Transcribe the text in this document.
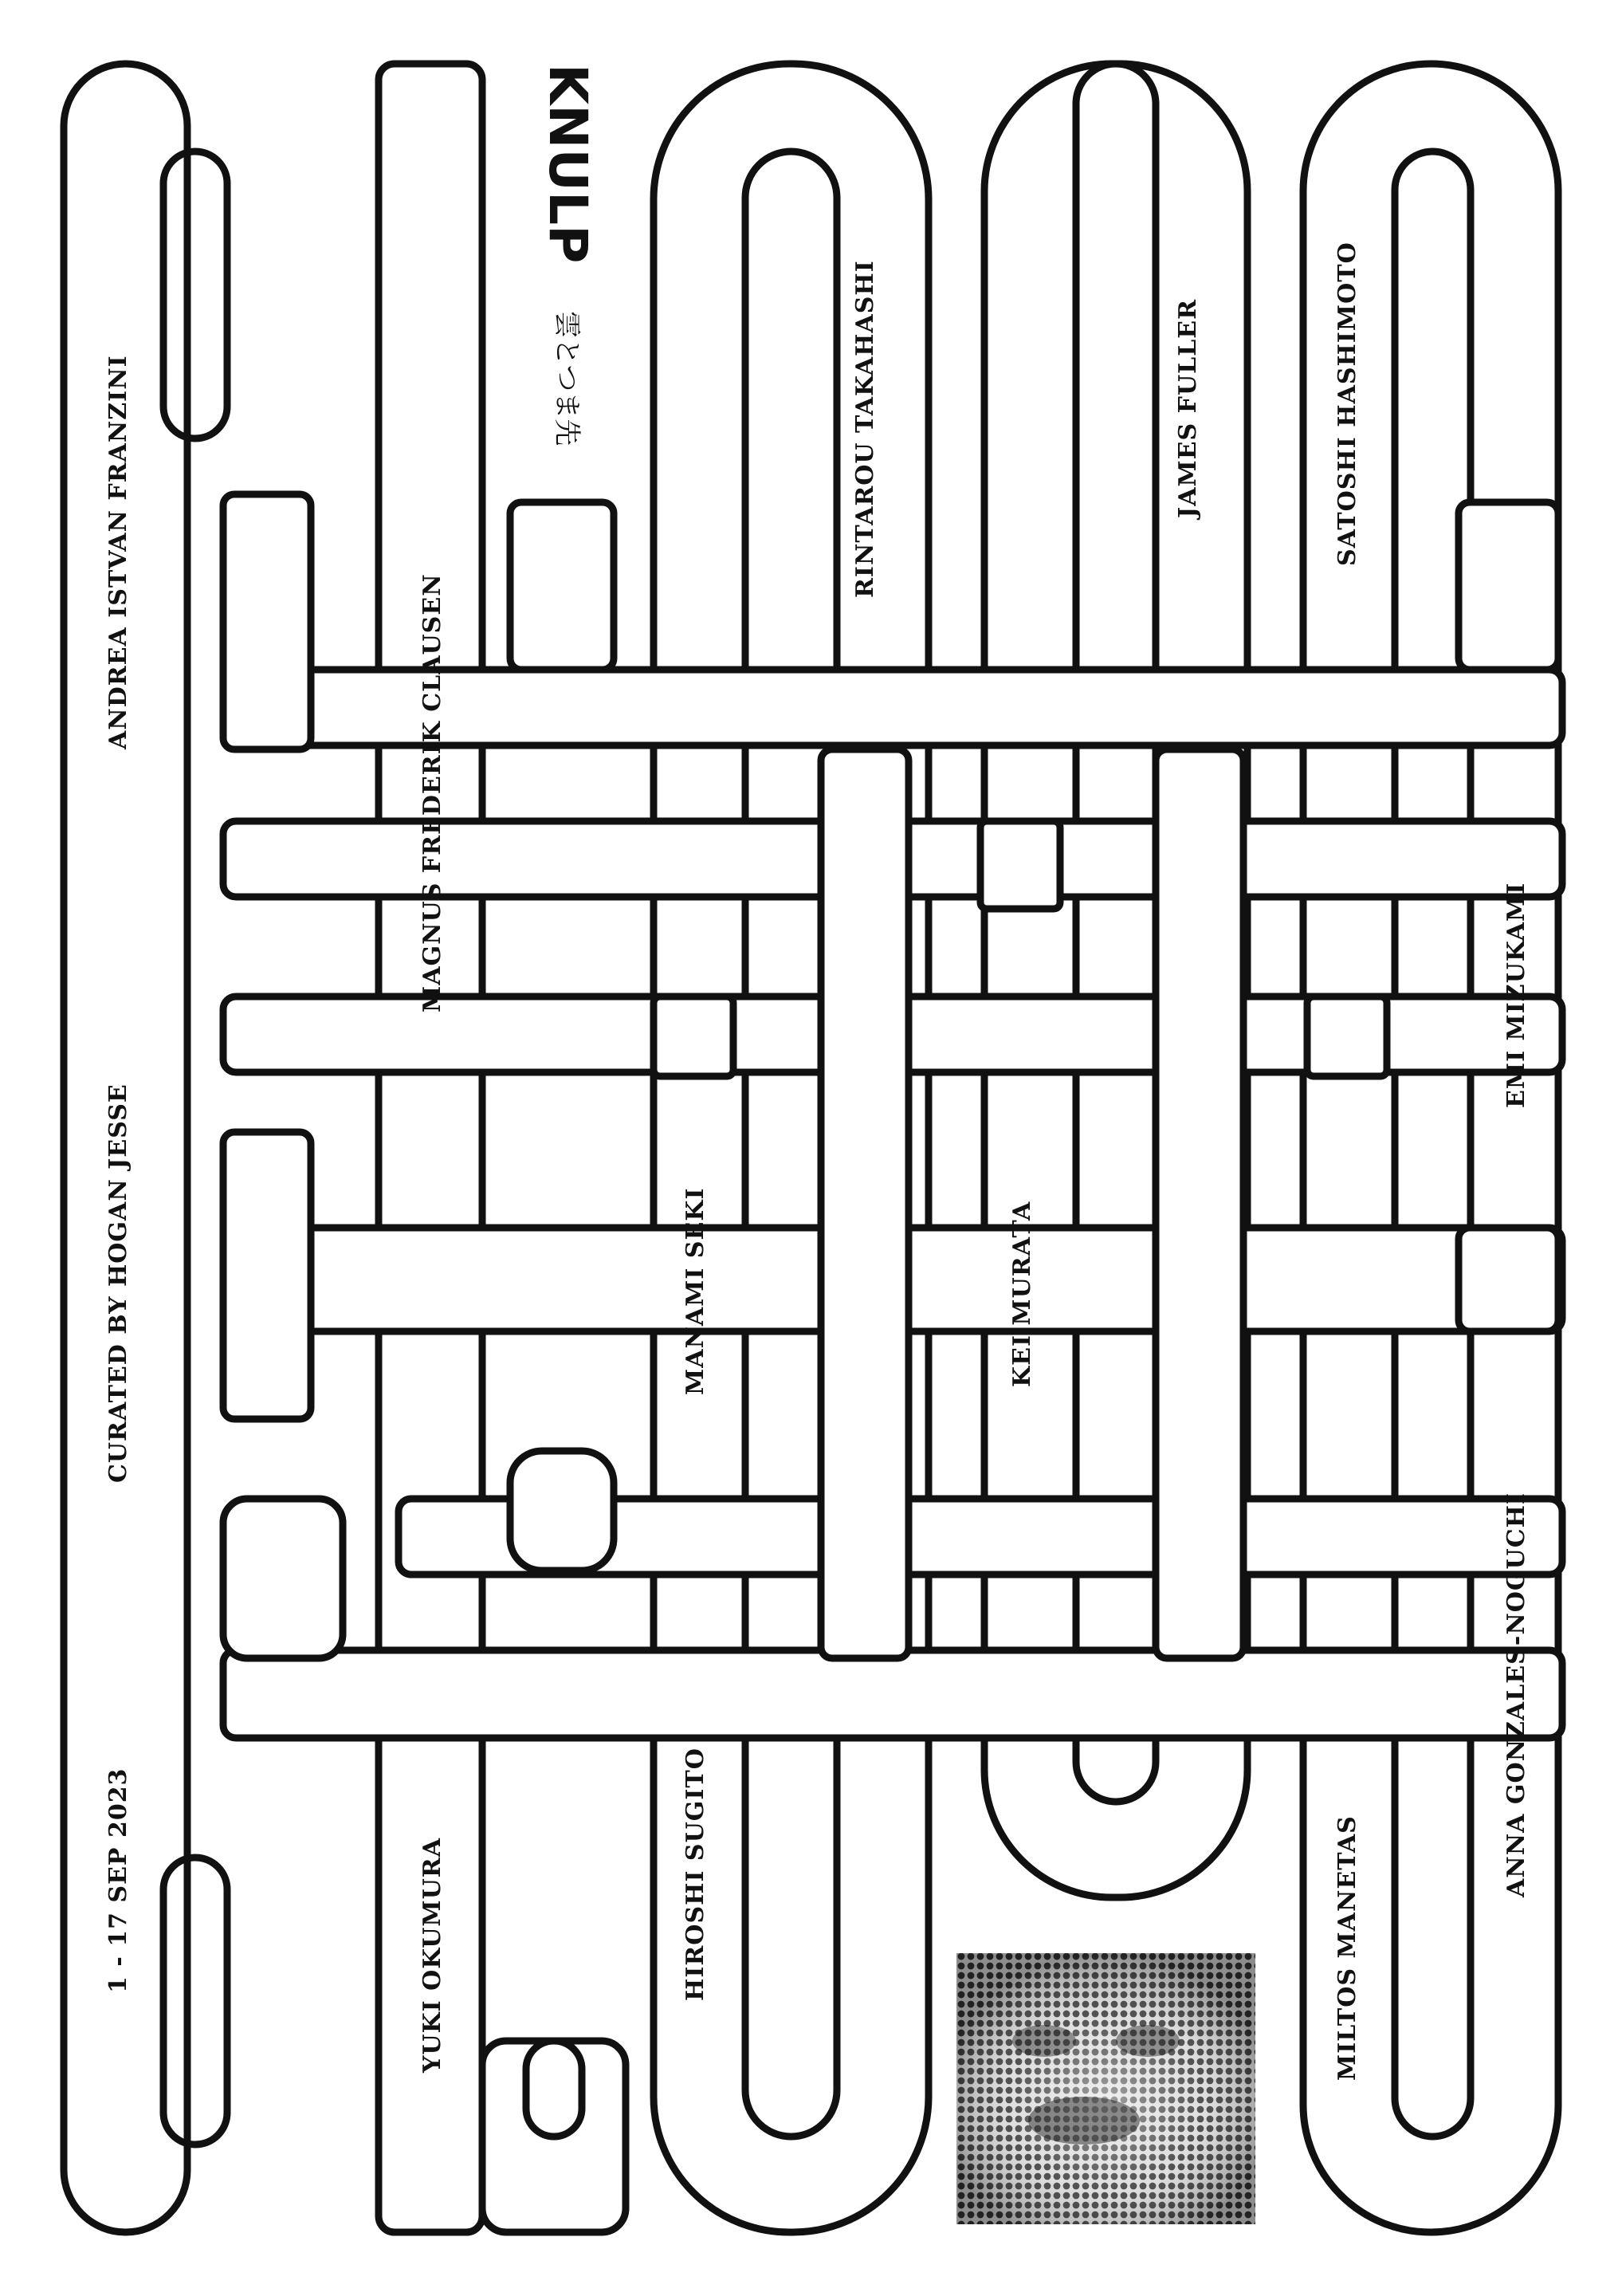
KNULP
雲とつま先
1 - 17 SEP 2023
CURATED BY HOGAN JESSE
ANDREA ISTVAN FRANZINI
MAGNUS FREDERIK CLAUSEN
YUKI OKUMURA
RINTAROU TAKAHASHI
MANAMI SEKI
HIROSHI SUGITO
JAMES FULLER
KEI MURATA
SATOSHI HASHIMOTO
EMI MIZUKAMI
MILTOS MANETAS
ANNA GONZALES-NOGUCHI
